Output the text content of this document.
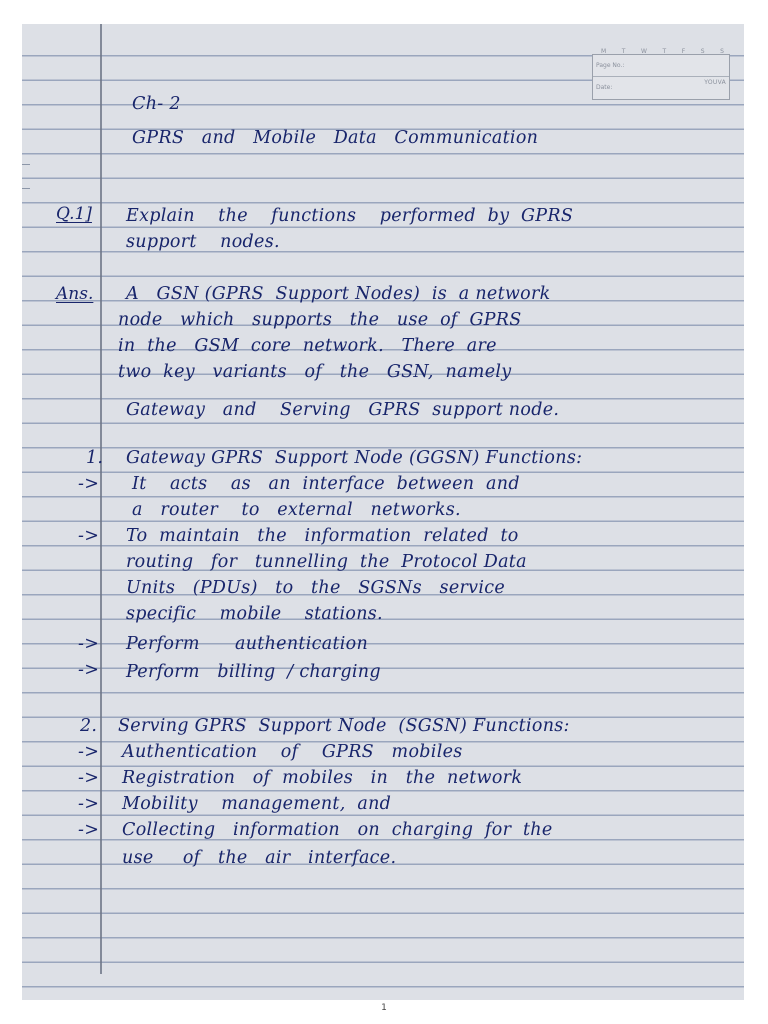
M T W T F S S
Page No.:
Date:
YOUVA

Ch- 2

GPRS   and   Mobile   Data   Communication

Q.1] Explain    the    functions    performed  by  GPRS

support    nodes.

Ans. A   GSN (GPRS  Support Nodes)  is  a network

node   which   supports   the   use  of  GPRS

in  the   GSM  core  network.   There  are

two  key   variants   of   the   GSN,  namely

Gateway   and    Serving   GPRS  support node.

1. Gateway GPRS  Support Node (GGSN) Functions:

-> It    acts    as   an  interface  between  and

a   router    to   external   networks.

-> To  maintain   the   information  related  to

routing   for   tunnelling  the  Protocol Data

Units   (PDUs)   to   the   SGSNs   service

specific    mobile    stations.

-> Perform      authentication

-> Perform   billing  / charging

2. Serving GPRS  Support Node  (SGSN) Functions:

-> Authentication    of    GPRS   mobiles

-> Registration   of  mobiles   in   the  network

-> Mobility    management,  and

-> Collecting   information   on  charging  for  the

use     of   the   air   interface.

1
